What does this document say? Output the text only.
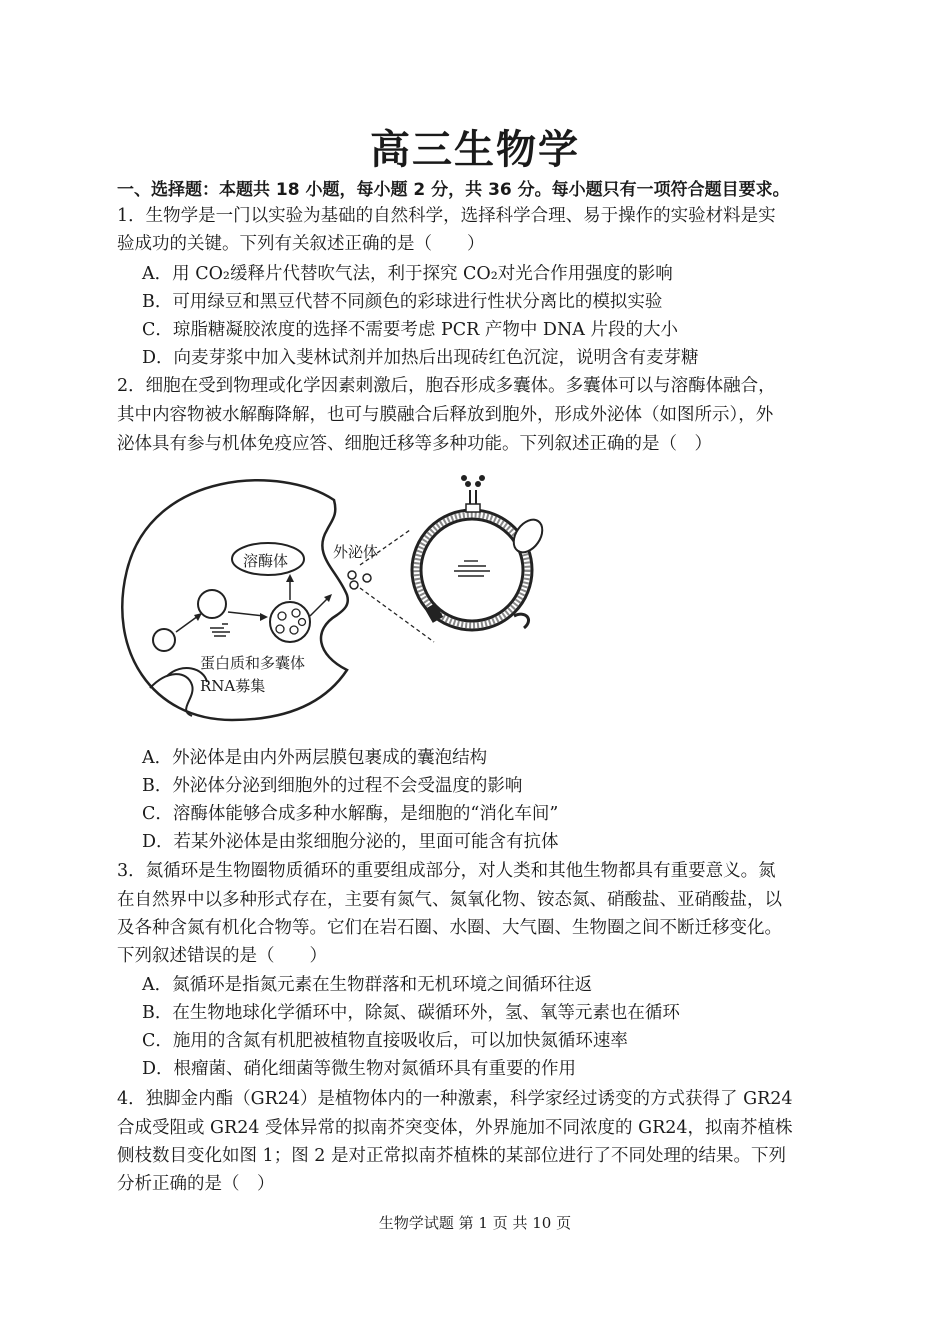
高三生物学
一、选择题：本题共 18 小题，每小题 2 分，共 36 分。每小题只有一项符合题目要求。
1．生物学是一门以实验为基础的自然科学，选择科学合理、易于操作的实验材料是实
验成功的关键。下列有关叙述正确的是（　　）
A．用 CO₂缓释片代替吹气法，利于探究 CO₂对光合作用强度的影响
B．可用绿豆和黑豆代替不同颜色的彩球进行性状分离比的模拟实验
C．琼脂糖凝胶浓度的选择不需要考虑 PCR 产物中 DNA 片段的大小
D．向麦芽浆中加入斐林试剂并加热后出现砖红色沉淀，说明含有麦芽糖
2．细胞在受到物理或化学因素刺激后，胞吞形成多囊体。多囊体可以与溶酶体融合，
其中内容物被水解酶降解，也可与膜融合后释放到胞外，形成外泌体（如图所示），外
泌体具有参与机体免疫应答、细胞迁移等多种功能。下列叙述正确的是（　）
溶酶体	外泌体
蛋白质和多囊体
RNA募集
A．外泌体是由内外两层膜包裹成的囊泡结构
B．外泌体分泌到细胞外的过程不会受温度的影响
C．溶酶体能够合成多种水解酶，是细胞的“消化车间”
D．若某外泌体是由浆细胞分泌的，里面可能含有抗体
3．氮循环是生物圈物质循环的重要组成部分，对人类和其他生物都具有重要意义。氮
在自然界中以多种形式存在，主要有氮气、氮氧化物、铵态氮、硝酸盐、亚硝酸盐，以
及各种含氮有机化合物等。它们在岩石圈、水圈、大气圈、生物圈之间不断迁移变化。
下列叙述错误的是（　　）
A．氮循环是指氮元素在生物群落和无机环境之间循环往返
B．在生物地球化学循环中，除氮、碳循环外，氢、氧等元素也在循环
C．施用的含氮有机肥被植物直接吸收后，可以加快氮循环速率
D．根瘤菌、硝化细菌等微生物对氮循环具有重要的作用
4．独脚金内酯（GR24）是植物体内的一种激素，科学家经过诱变的方式获得了 GR24
合成受阻或 GR24 受体异常的拟南芥突变体，外界施加不同浓度的 GR24，拟南芥植株
侧枝数目变化如图 1；图 2 是对正常拟南芥植株的某部位进行了不同处理的结果。下列
分析正确的是（　）
生物学试题 第 1 页 共 10 页
